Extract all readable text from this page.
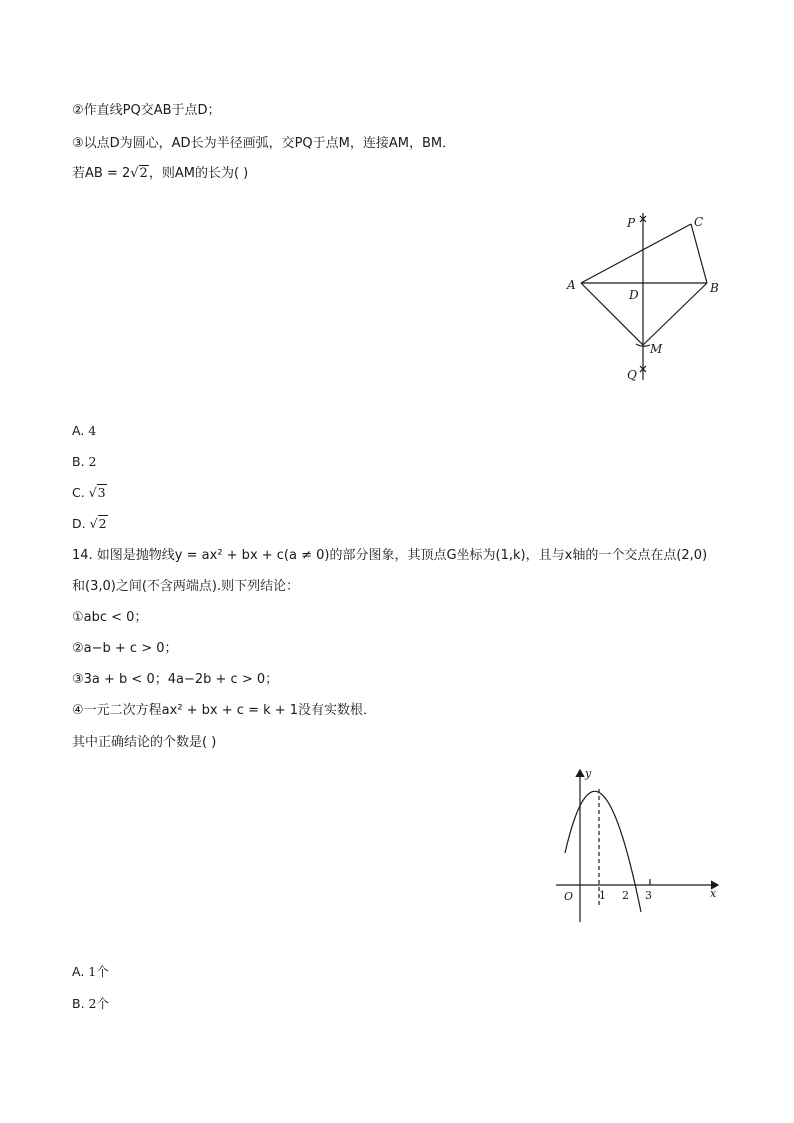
②作直线PQ交AB于点D；
③以点D为圆心，AD长为半径画弧，交PQ于点M，连接AM，BM．
若AB = 2√2，则AM的长为( )
P	C
A
D	B
M
Q
A. 4
B. 2
C. √3
D. √2
14. 如图是抛物线y = ax² + bx + c(a ≠ 0)的部分图象，其顶点G坐标为(1,k)，且与x轴的一个交点在点(2,0)
和(3,0)之间(不含两端点).则下列结论：
①abc < 0；
②a−b + c > 0；
③3a + b < 0；4a−2b + c > 0；
④一元二次方程ax² + bx + c = k + 1没有实数根．
其中正确结论的个数是( )
y
x
O 1 2 3
A. 1个
B. 2个
